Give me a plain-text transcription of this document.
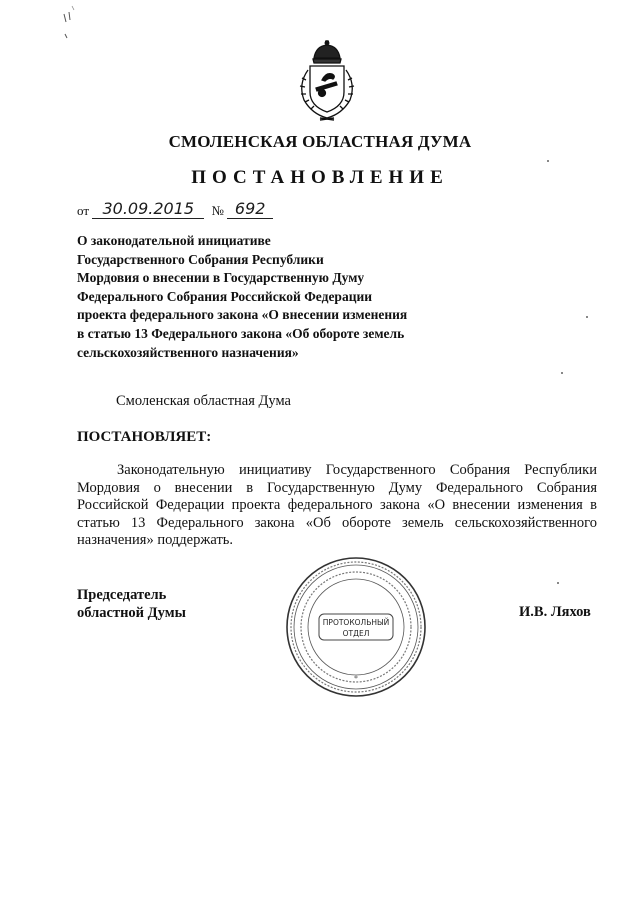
СМОЛЕНСКАЯ ОБЛАСТНАЯ ДУМА
ПОСТАНОВЛЕНИЕ
от 30.09.2015 № 692
О законодательной инициативе
Государственного Собрания Республики
Мордовия о внесении в Государственную Думу
Федерального Собрания Российской Федерации
проекта федерального закона «О внесении изменения
в статью 13 Федерального закона «Об обороте земель
сельскохозяйственного назначения»
Смоленская областная Дума
ПОСТАНОВЛЯЕТ:
Законодательную инициативу Государственного Собрания Республики Мордовия о внесении в Государственную Думу Федерального Собрания Российской Федерации проекта федерального закона «О внесении изменения в статью 13 Федерального закона «Об обороте земель сельскохозяйственного назначения» поддержать.
Председатель
областной Думы	И.В. Ляхов
ПРОТОКОЛЬНЫЙ
ОТДЕЛ
*
